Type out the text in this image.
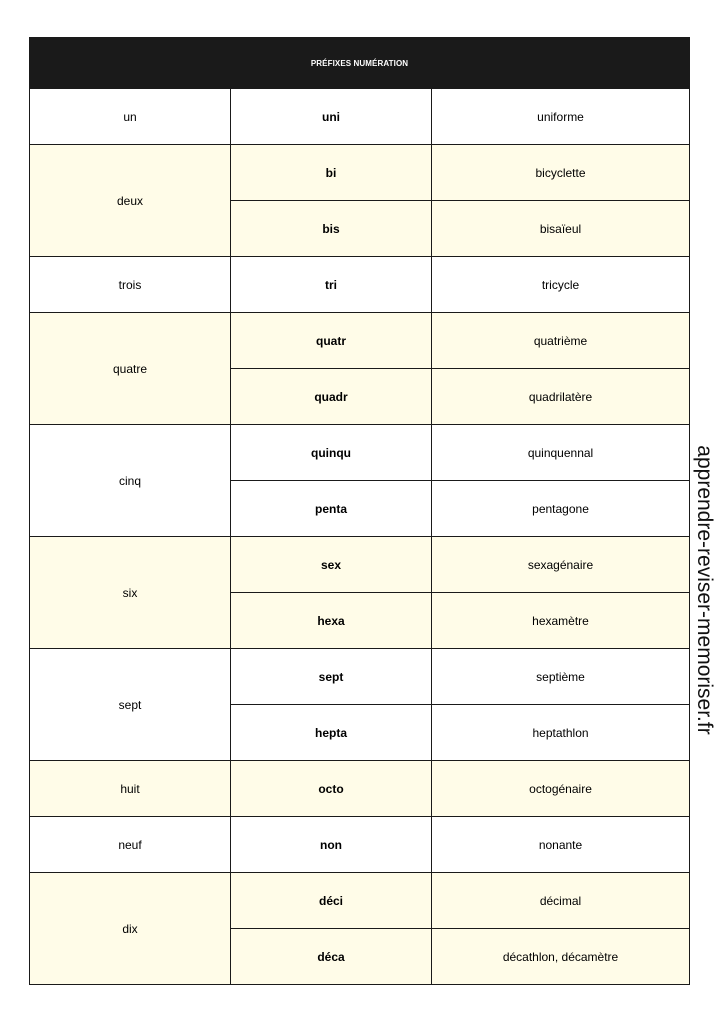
PRÉFIXES NUMÉRATION		
un	uni	uniforme
deux	bi	bicyclette
	bis	bisaïeul
trois	tri	tricycle
quatre	quatr	quatrième
	quadr	quadrilatère
cinq	quinqu	quinquennal
	penta	pentagone
six	sex	sexagénaire
	hexa	hexamètre
sept	sept	septième
	hepta	heptathlon
huit	octo	octogénaire
neuf	non	nonante
dix	déci	décimal
	déca	décathlon, décamètre
apprendre-reviser-memoriser.fr
